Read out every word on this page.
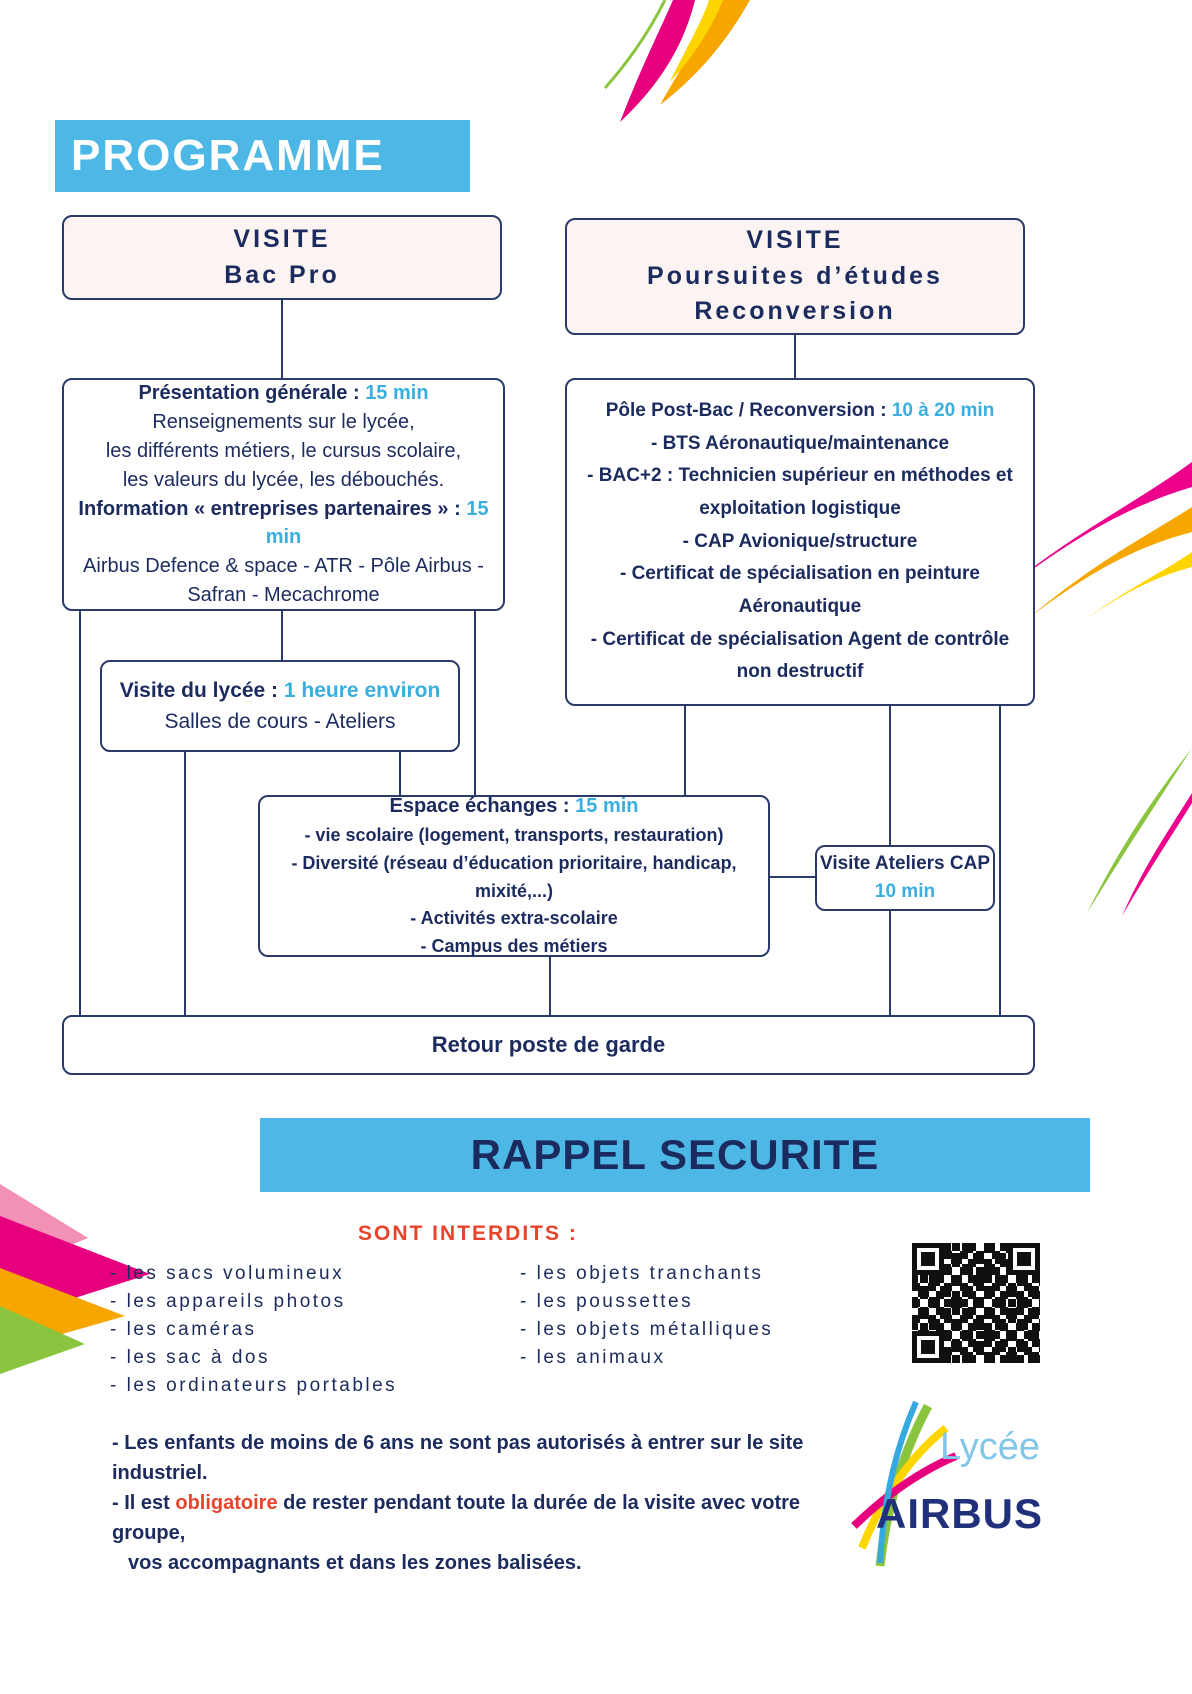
PROGRAMME
VISITE
Bac Pro
VISITE
Poursuites d’études
Reconversion
Présentation générale : 15 min
Renseignements sur le lycée,
les différents métiers, le cursus scolaire,
les valeurs du lycée, les débouchés.
Information « entreprises partenaires » : 15 min
Airbus Defence & space - ATR - Pôle Airbus -
Safran - Mecachrome
Pôle Post-Bac / Reconversion : 10 à 20 min
- BTS Aéronautique/maintenance
- BAC+2 : Technicien supérieur en méthodes et exploitation logistique
- CAP Avionique/structure
- Certificat de spécialisation en peinture Aéronautique
- Certificat de spécialisation Agent de contrôle non destructif
Visite du lycée : 1 heure environ
Salles de cours - Ateliers
Espace échanges : 15 min
- vie scolaire (logement, transports, restauration)
- Diversité (réseau d’éducation prioritaire, handicap, mixité,...)
- Activités extra-scolaire
- Campus des métiers
Visite Ateliers CAP
10 min
Retour poste de garde
RAPPEL SECURITE
SONT INTERDITS :
- les sacs volumineux
- les appareils photos
- les caméras
- les sac à dos
- les ordinateurs portables
- les objets tranchants
- les poussettes
- les objets métalliques
- les animaux
- Les enfants de moins de 6 ans ne sont pas autorisés à entrer sur le site industriel.
- Il est obligatoire de rester pendant toute la durée de la visite avec votre groupe,
vos accompagnants et dans les zones balisées.
Lycée
AIRBUS
